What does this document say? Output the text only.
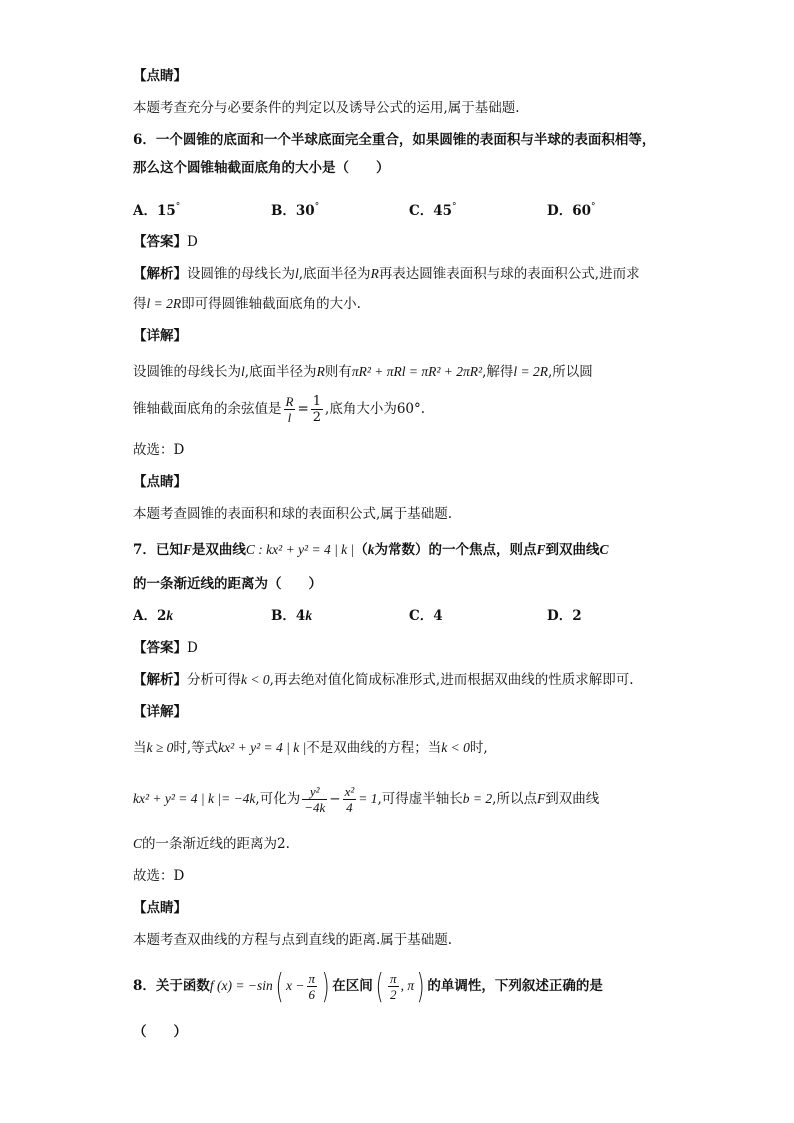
【点睛】
本题考查充分与必要条件的判定以及诱导公式的运用,属于基础题.
6．一个圆锥的底面和一个半球底面完全重合，如果圆锥的表面积与半球的表面积相等，
那么这个圆锥轴截面底角的大小是（　　）
A．15°	B．30°	C．45°	D．60°
【答案】D
【解析】设圆锥的母线长为l,底面半径为R再表达圆锥表面积与球的表面积公式,进而求
得l = 2R即可得圆锥轴截面底角的大小.
【详解】
设圆锥的母线长为l,底面半径为R则有πR² + πRl = πR² + 2πR²,解得l = 2R,所以圆
锥轴截面底角的余弦值是 $\frac{R}{l} = \frac{1}{2}$ ,底角大小为60°.
故选：D
【点睛】
本题考查圆锥的表面积和球的表面积公式,属于基础题.
7．已知F是双曲线C : kx² + y² = 4 | k |（k为常数）的一个焦点，则点F到双曲线C
的一条渐近线的距离为（　　）
A．2k	B．4k	C．4	D．2
【答案】D
【解析】分析可得k < 0,再去绝对值化简成标准形式,进而根据双曲线的性质求解即可.
【详解】
当k ≥ 0时,等式kx² + y² = 4 | k |不是双曲线的方程；当k < 0时,
kx² + y² = 4 | k |= −4k,可化为 $\frac{\text{y²}}{-4k} - \frac{\text{x²}}{4} = 1$,可得虚半轴长b = 2,所以点F到双曲线
C的一条渐近线的距离为2.
故选：D
【点睛】
本题考查双曲线的方程与点到直线的距离.属于基础题.
8．关于函数f (x) = −sin( $x - \frac{\pi}{6}$ ) 在区间( $\frac{\pi}{2}$ , π) 的单调性，下列叙述正确的是
（　　）
